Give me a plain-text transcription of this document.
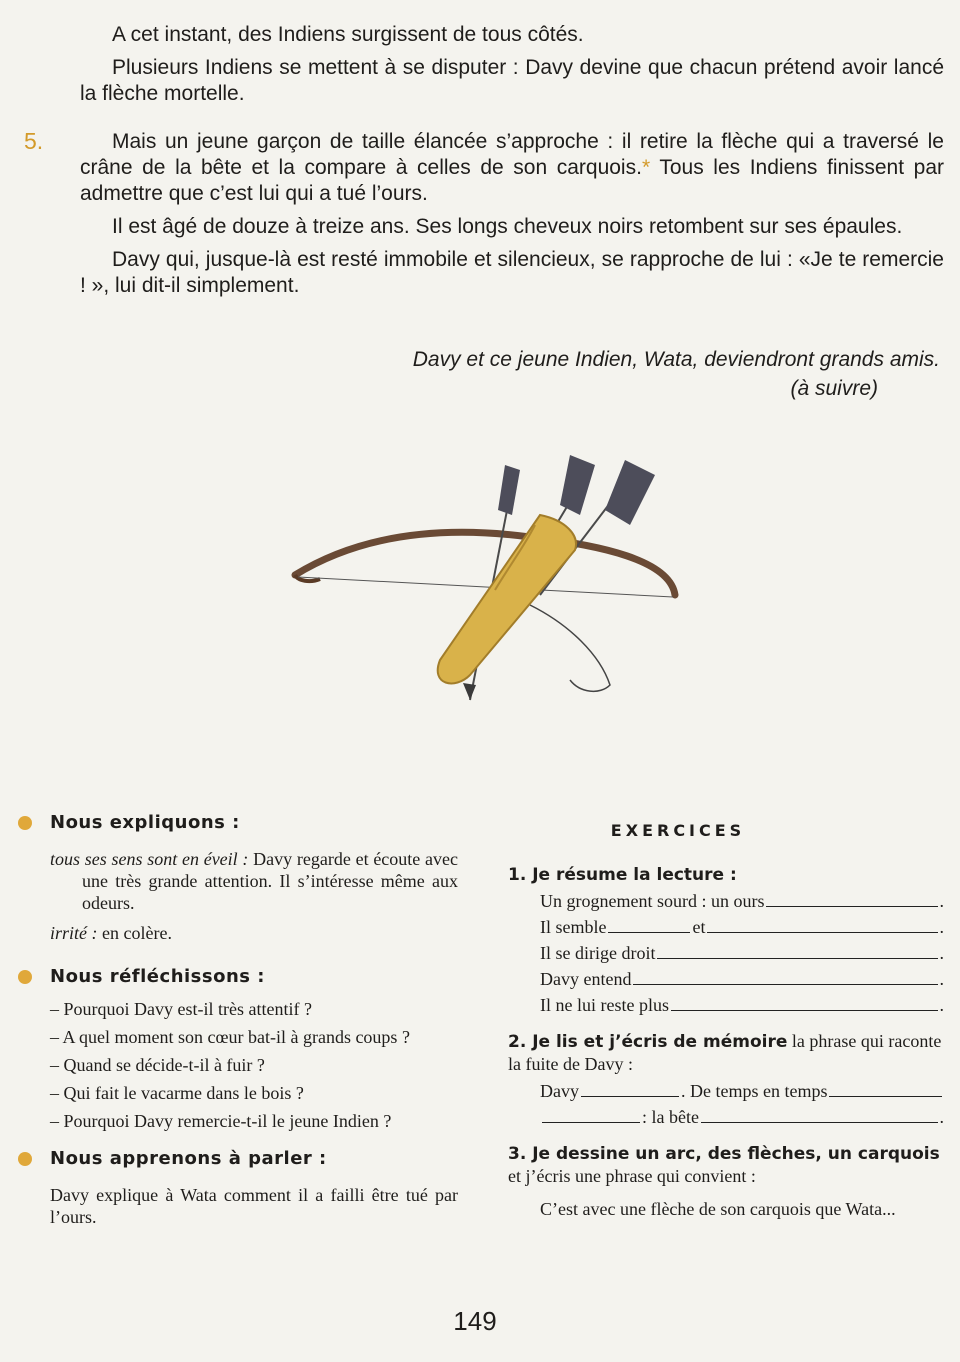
5.

A cet instant, des Indiens surgissent de tous côtés.

Plusieurs Indiens se mettent à se disputer : Davy devine que chacun prétend avoir lancé la flèche mortelle.

Mais un jeune garçon de taille élancée s’approche : il retire la flèche qui a traversé le crâne de la bête et la compare à celles de son carquois.* Tous les Indiens finissent par admettre que c’est lui qui a tué l’ours.

Il est âgé de douze à treize ans. Ses longs cheveux noirs retombent sur ses épaules.

Davy qui, jusque-là est resté immobile et silencieux, se rapproche de lui : «Je te remercie ! », lui dit-il simplement.

Davy et ce jeune Indien, Wata, deviendront grands amis.
(à suivre)
Nous expliquons :
tous ses sens sont en éveil : Davy regarde et écoute avec une très grande attention. Il s’intéresse même aux odeurs.
irrité : en colère.
Nous réfléchissons :
– Pourquoi Davy est-il très attentif ?
– A quel moment son cœur bat-il à grands coups ?
– Quand se décide-t-il à fuir ?
– Qui fait le vacarme dans le bois ?
– Pourquoi Davy remercie-t-il le jeune Indien ?
Nous apprenons à parler :
Davy explique à Wata comment il a failli être tué par l’ours.
EXERCICES
1. Je résume la lecture :
Un grognement sourd : un ours	.
Il semble	et	.
Il se dirige droit	.
Davy entend	.
Il ne lui reste plus	.
2. Je lis et j’écris de mémoire la phrase qui raconte la fuite de Davy :
Davy	. De temps en temps
: la bête	.
3. Je dessine un arc, des flèches, un carquois et j’écris une phrase qui convient :
C’est avec une flèche de son carquois que Wata...
149
